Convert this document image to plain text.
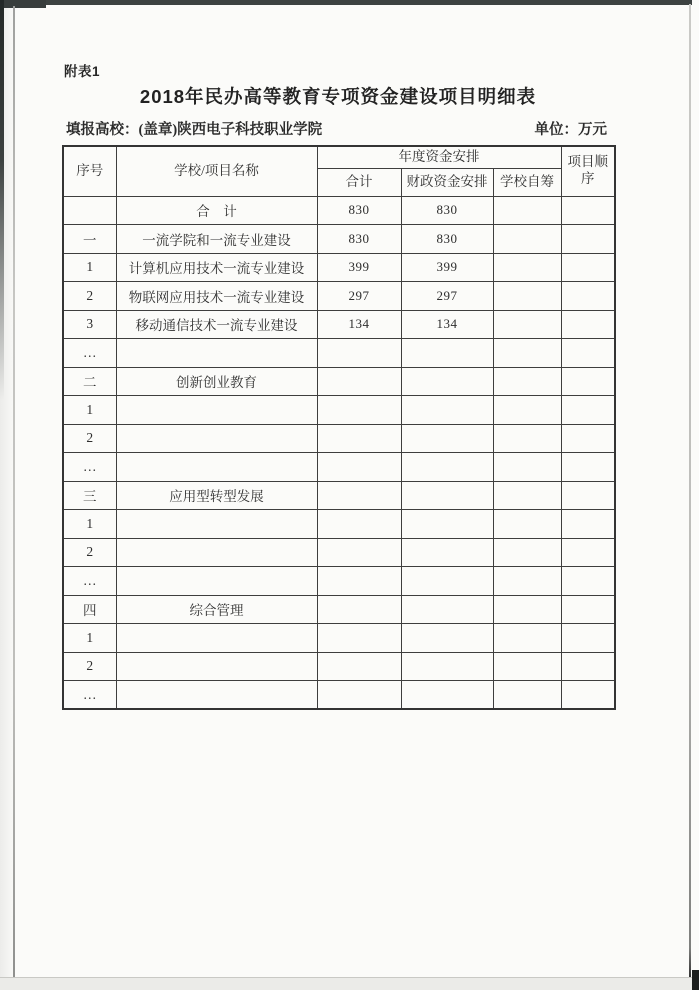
附表1
2018年民办高等教育专项资金建设项目明细表
填报高校：(盖章)陕西电子科技职业学院	单位：万元
序号	学校/项目名称	年度资金安排			项目顺序
		合计	财政资金安排	学校自筹	
	合　计	830	830		
一	一流学院和一流专业建设	830	830		
1	计算机应用技术一流专业建设	399	399		
2	物联网应用技术一流专业建设	297	297		
3	移动通信技术一流专业建设	134	134		
…					
二	创新创业教育				
1					
2					
…					
三	应用型转型发展				
1					
2					
…					
四	综合管理				
1					
2					
…					
